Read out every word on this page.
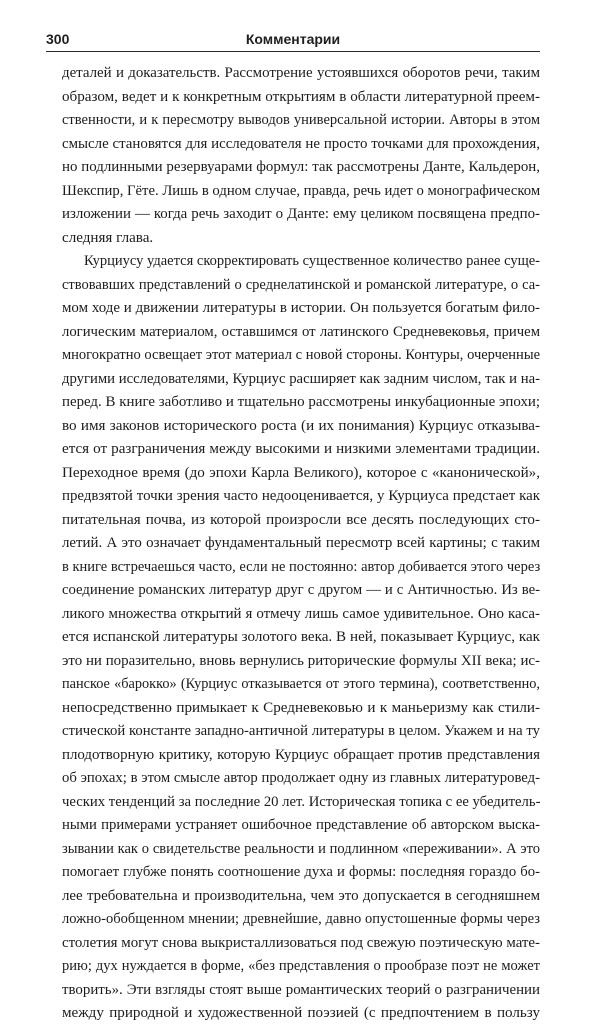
300	Комментарии
деталей и доказательств. Рассмотрение устоявшихся оборотов речи, таким
образом, ведет и к конкретным открытиям в области литературной преем-
ственности, и к пересмотру выводов универсальной истории. Авторы в этом
смысле становятся для исследователя не просто точками для прохождения,
но подлинными резервуарами формул: так рассмотрены Данте, Кальдерон,
Шекспир, Гёте. Лишь в одном случае, правда, речь идет о монографическом
изложении — когда речь заходит о Данте: ему целиком посвящена предпо-
следняя глава.
Курциусу удается скорректировать существенное количество ранее суще-
ствовавших представлений о среднелатинской и романской литературе, о са-
мом ходе и движении литературы в истории. Он пользуется богатым фило-
логическим материалом, оставшимся от латинского Средневековья, причем
многократно освещает этот материал с новой стороны. Контуры, очерченные
другими исследователями, Курциус расширяет как задним числом, так и на-
перед. В книге заботливо и тщательно рассмотрены инкубационные эпохи;
во имя законов исторического роста (и их понимания) Курциус отказыва-
ется от разграничения между высокими и низкими элементами традиции.
Переходное время (до эпохи Карла Великого), которое с «канонической»,
предвзятой точки зрения часто недооценивается, у Курциуса предстает как
питательная почва, из которой произросли все десять последующих сто-
летий. А это означает фундаментальный пересмотр всей картины; с таким
в книге встречаешься часто, если не постоянно: автор добивается этого через
соединение романских литератур друг с другом — и с Античностью. Из ве-
ликого множества открытий я отмечу лишь самое удивительное. Оно каса-
ется испанской литературы золотого века. В ней, показывает Курциус, как
это ни поразительно, вновь вернулись риторические формулы XII века; ис-
панское «барокко» (Курциус отказывается от этого термина), соответственно,
непосредственно примыкает к Средневековью и к маньеризму как стили-
стической константе западно-античной литературы в целом. Укажем и на ту
плодотворную критику, которую Курциус обращает против представления
об эпохах; в этом смысле автор продолжает одну из главных литературовед-
ческих тенденций за последние 20 лет. Историческая топика с ее убедитель-
ными примерами устраняет ошибочное представление об авторском выска-
зывании как о свидетельстве реальности и подлинном «переживании». А это
помогает глубже понять соотношение духа и формы: последняя гораздо бо-
лее требовательна и производительна, чем это допускается в сегодняшнем
ложно-обобщенном мнении; древнейшие, давно опустошенные формы через
столетия могут снова выкристаллизоваться под свежую поэтическую мате-
рию; дух нуждается в форме, «без представления о прообразе поэт не может
творить». Эти взгляды стоят выше романтических теорий о разграничении
между природной и художественной поэзией (с предпочтением в пользу
